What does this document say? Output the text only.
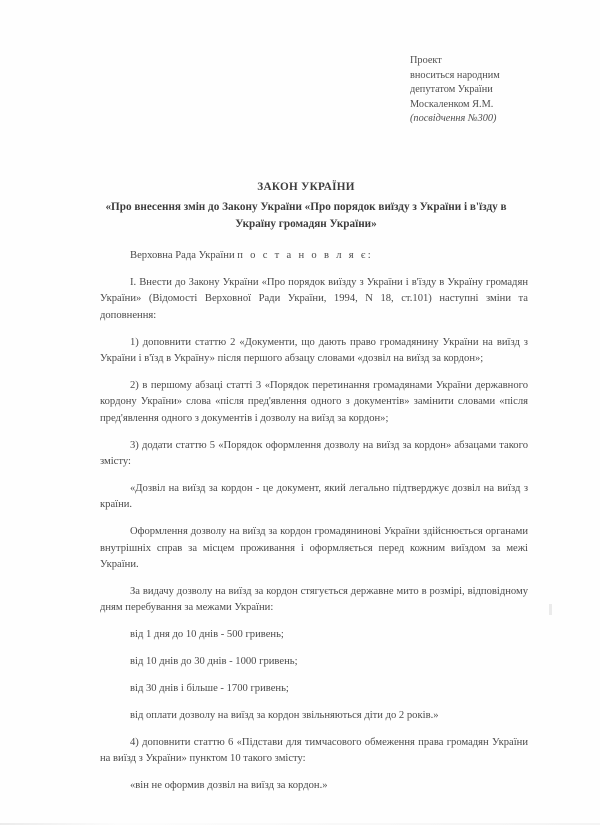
Проект
вноситься народним
депутатом України
Москаленком Я.М.
(посвідчення №300)
ЗАКОН УКРАЇНИ
«Про внесення змін до Закону України «Про порядок виїзду з України і в'їзду в Україну громадян України»

Верховна Рада України п о с т а н о в л я є:

I. Внести до Закону України «Про порядок виїзду з України і в'їзду в Україну громадян України» (Відомості Верховної Ради України, 1994, N 18, ст.101) наступні зміни та доповнення:

1) доповнити статтю 2 «Документи, що дають право громадянину України на виїзд з України і в'їзд в Україну» після першого абзацу словами «дозвіл на виїзд за кордон»;

2) в першому абзаці статті 3 «Порядок перетинання громадянами України державного кордону України» слова «після пред'явлення одного з документів» замінити словами «після пред'явлення одного з документів і дозволу на виїзд за кордон»;

3) додати статтю 5 «Порядок оформлення дозволу на виїзд за кордон» абзацами такого змісту:

«Дозвіл на виїзд за кордон - це документ, який легально підтверджує дозвіл на виїзд з країни.

Оформлення дозволу на виїзд за кордон громадянинові України здійснюється органами внутрішніх справ за місцем проживання і оформляється перед кожним виїздом за межі України.

За видачу дозволу на виїзд за кордон стягується державне мито в розмірі, відповідному дням перебування за межами України:

від 1 дня до 10 днів - 500 гривень;
від 10 днів до 30 днів - 1000 гривень;
від 30 днів і більше - 1700 гривень;
від оплати дозволу на виїзд за кордон звільняються діти до 2 років.»

4) доповнити статтю 6 «Підстави для тимчасового обмеження права громадян України на виїзд з України» пунктом 10 такого змісту:

«він не оформив дозвіл на виїзд за кордон.»
